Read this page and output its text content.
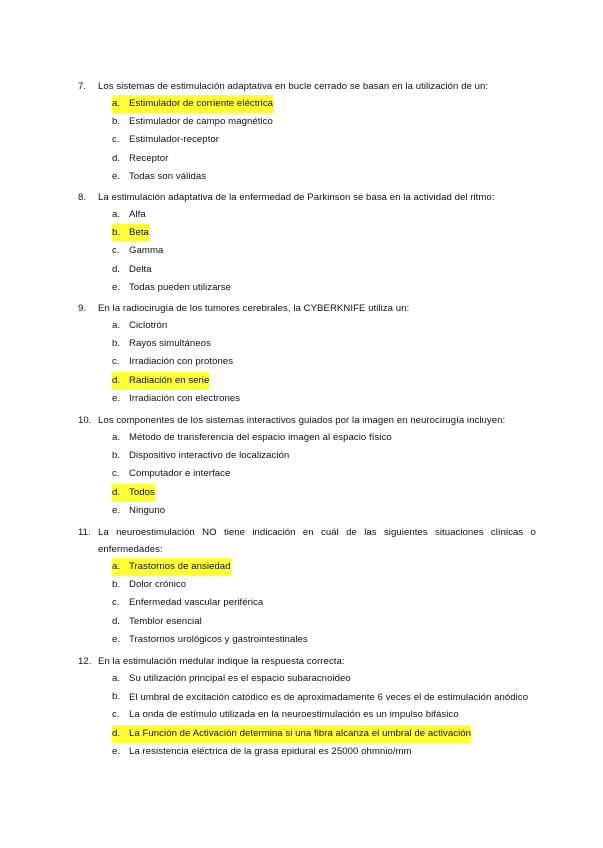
7.	Los sistemas de estimulación adaptativa en bucle cerrado se basan en la utilización de un:
a. Estimulador de corriente eléctrica
b. Estimulador de campo magnético
c. Estimulador-receptor
d. Receptor
e. Todas son válidas
8.	La estimulación adaptativa de la enfermedad de Parkinson se basa en la actividad del ritmo:
a. Alfa
b. Beta
c. Gamma
d. Delta
e. Todas pueden utilizarse
9.	En la radiocirugía de los tumores cerebrales, la CYBERKNIFE utiliza un:
a. Ciclotrón
b. Rayos simultáneos
c. Irradiación con protones
d. Radiación en serie
e. Irradiación con electrones
10. Los componentes de los sistemas interactivos guiados por la imagen en neurocirugía incluyen:
a. Método de transferencia del espacio imagen al espacio físico
b. Dispositivo interactivo de localización
c. Computador e interface
d. Todos
e. Ninguno
11. La neuroestimulación NO tiene indicación en cuál de las siguientes situaciones clínicas o enfermedades:
a. Trastornos de ansiedad
b. Dolor crónico
c. Enfermedad vascular periférica
d. Temblor esencial
e. Trastornos urológicos y gastrointestinales
12. En la estimulación medular indique la respuesta correcta:
a. Su utilización principal es el espacio subaracnoideo
b. El umbral de excitación catódico es de aproximadamente 6 veces el de estimulación anódico
c. La onda de estímulo utilizada en la neuroestimulación es un impulso bifásico
d. La Función de Activación determina si una fibra alcanza el umbral de activación
e. La resistencia eléctrica de la grasa epidural es 25000 ohmnio/mm
